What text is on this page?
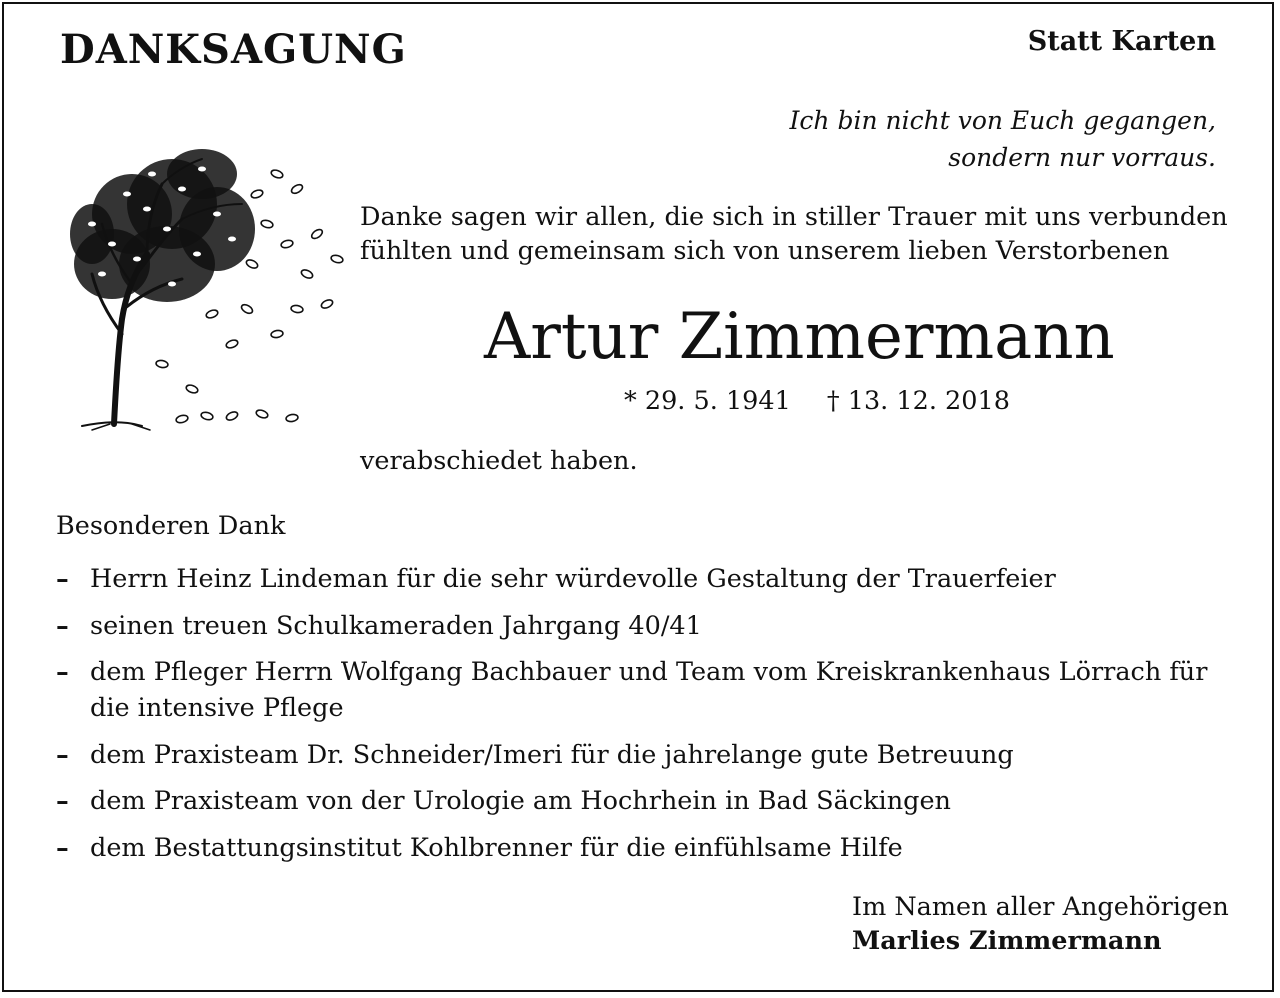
DANKSAGUNG	Statt Karten
Ich bin nicht von Euch gegangen,
sondern nur vorraus.
Danke sagen wir allen, die sich in stiller Trauer mit uns verbunden
fühlten und gemeinsam sich von unserem lieben Verstorbenen
Artur Zimmermann
* 29. 5. 1941 † 13. 12. 2018
verabschiedet haben.
Besonderen Dank
– Herrn Heinz Lindeman für die sehr würdevolle Gestaltung der Trauerfeier
– seinen treuen Schulkameraden Jahrgang 40/41
– dem Pfleger Herrn Wolfgang Bachbauer und Team vom Kreiskrankenhaus Lörrach für
die intensive Pflege
– dem Praxisteam Dr. Schneider/Imeri für die jahrelange gute Betreuung
– dem Praxisteam von der Urologie am Hochrhein in Bad Säckingen
– dem Bestattungsinstitut Kohlbrenner für die einfühlsame Hilfe
Im Namen aller Angehörigen
Marlies Zimmermann
